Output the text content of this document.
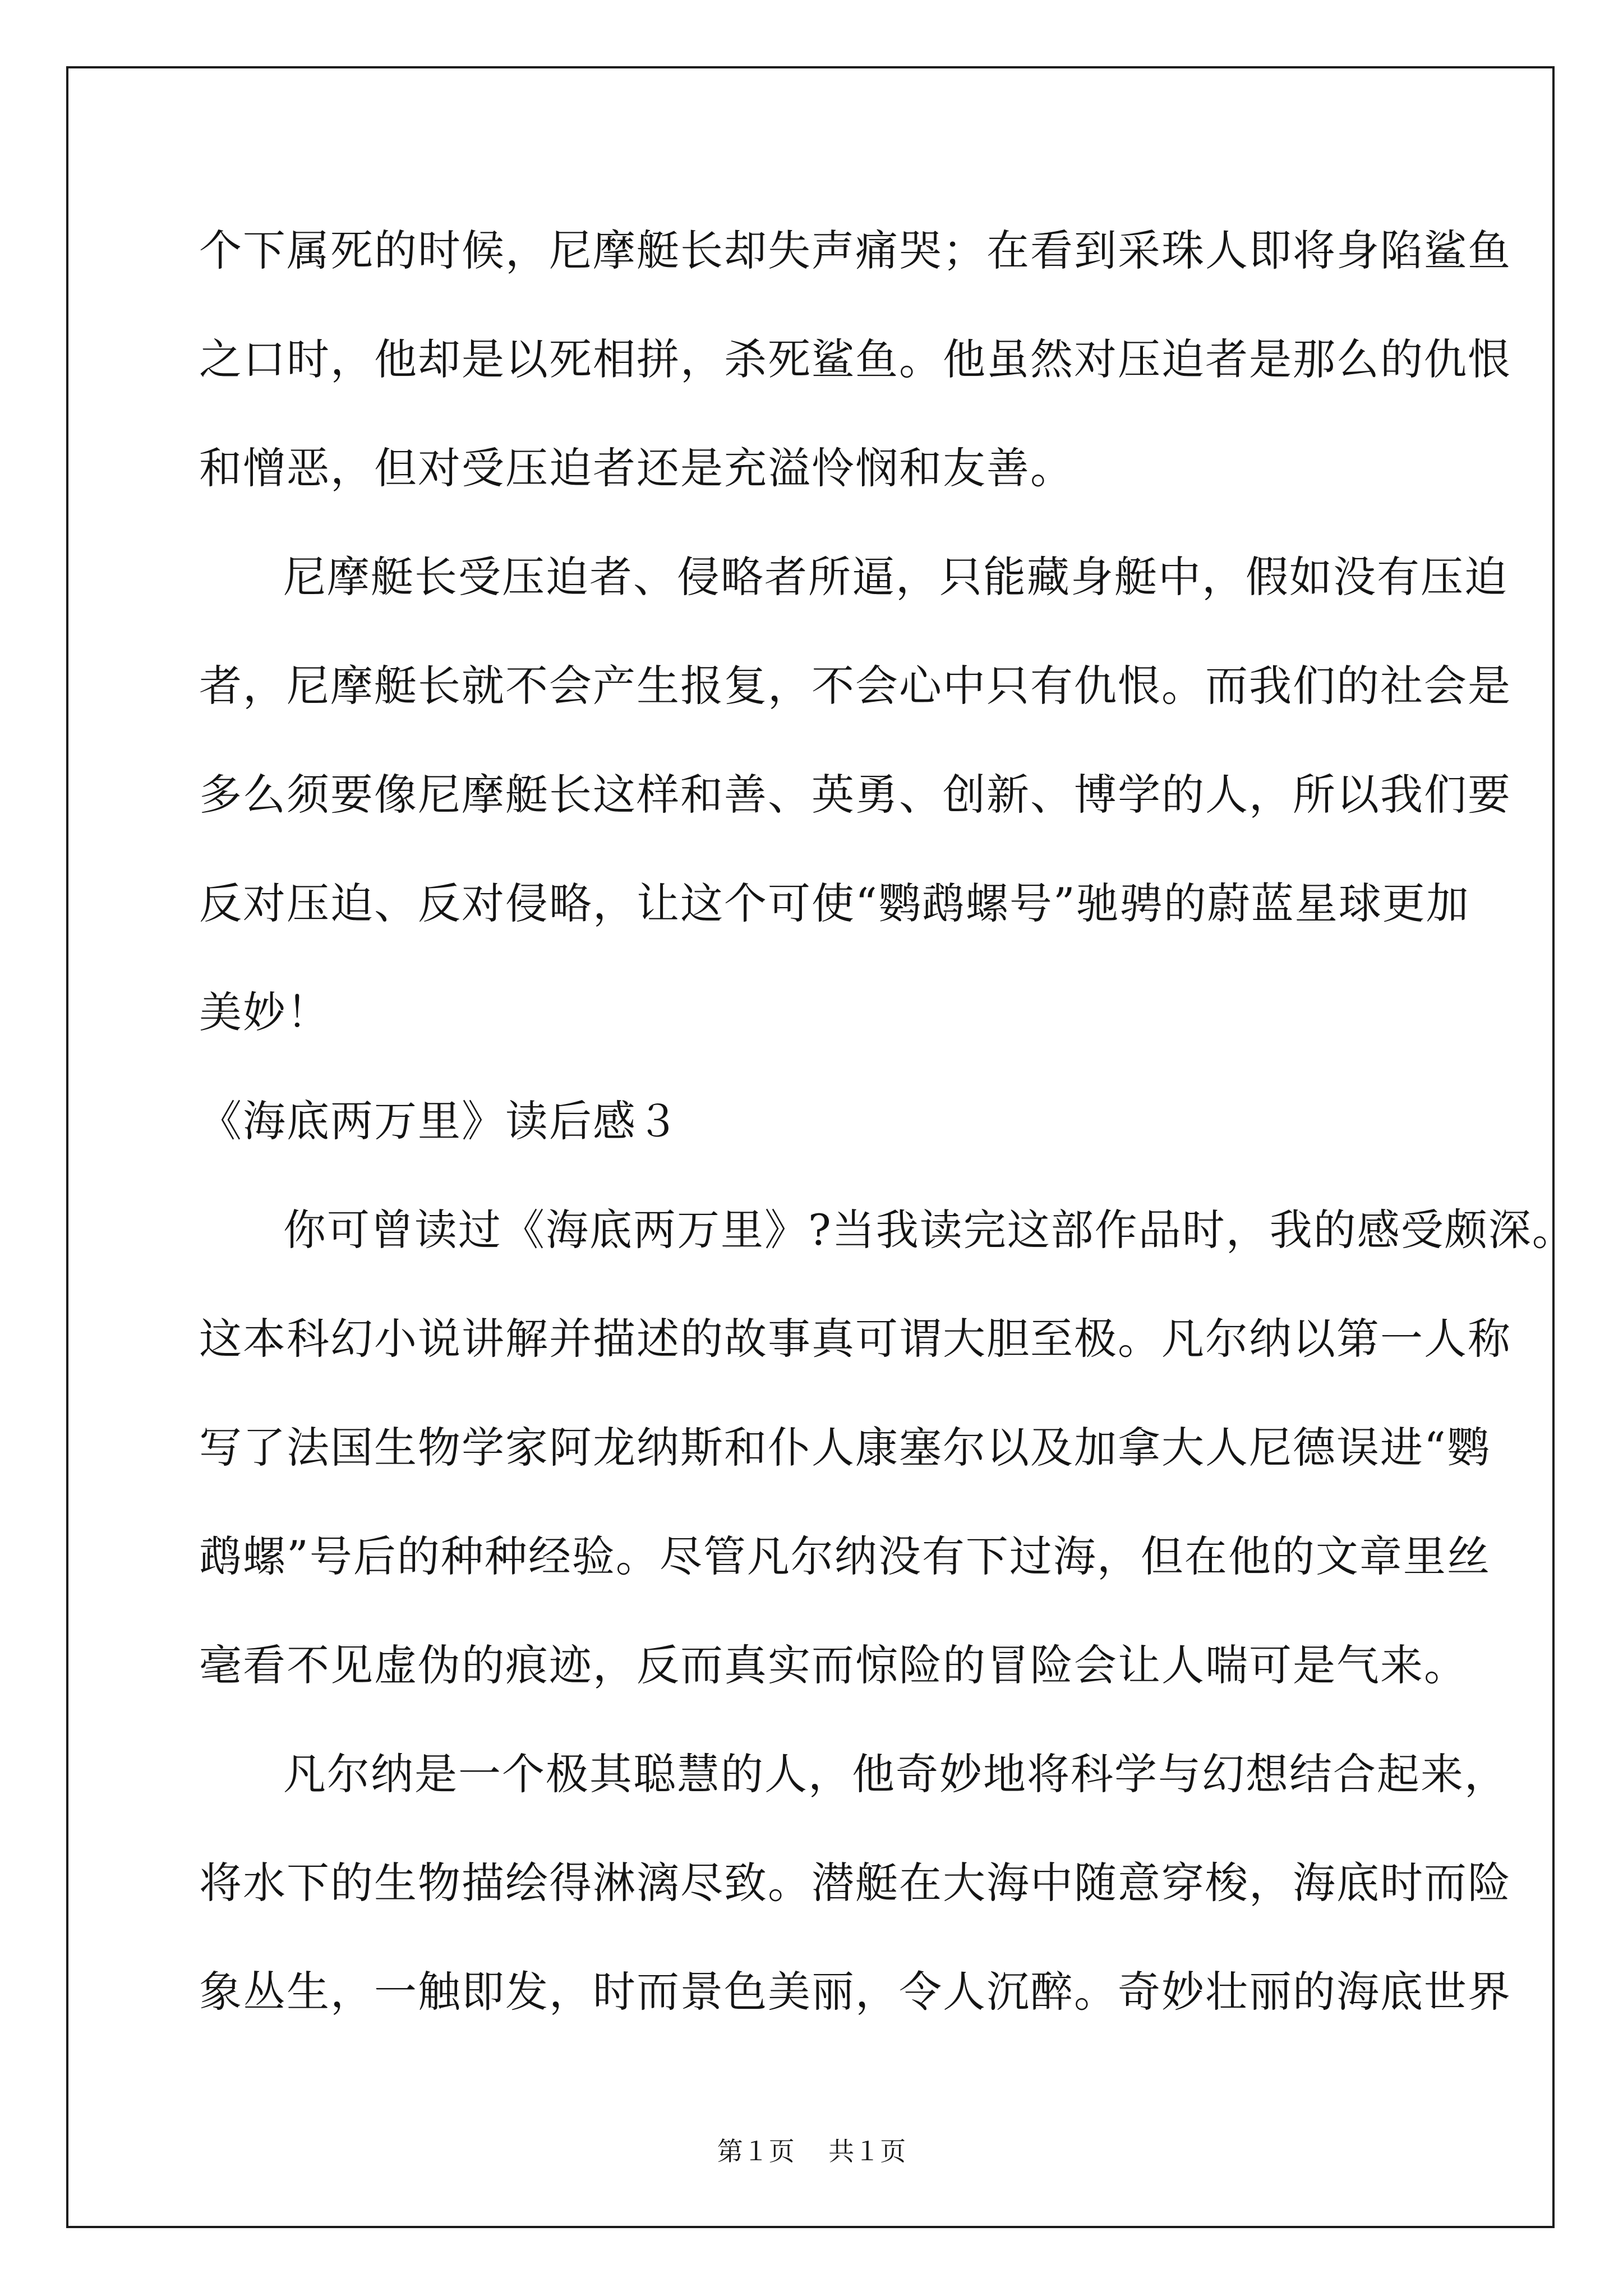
个下属死的时候，尼摩艇长却失声痛哭；在看到采珠人即将身陷鲨鱼
之口时，他却是以死相拼，杀死鲨鱼。他虽然对压迫者是那么的仇恨
和憎恶，但对受压迫者还是充溢怜悯和友善。
尼摩艇长受压迫者、侵略者所逼，只能藏身艇中，假如没有压迫
者，尼摩艇长就不会产生报复，不会心中只有仇恨。而我们的社会是
多么须要像尼摩艇长这样和善、英勇、创新、博学的人，所以我们要
反对压迫、反对侵略，让这个可使“鹦鹉螺号”驰骋的蔚蓝星球更加
美妙！
《海底两万里》读后感３
你可曾读过《海底两万里》?当我读完这部作品时，我的感受颇深。
这本科幻小说讲解并描述的故事真可谓大胆至极。凡尔纳以第一人称
写了法国生物学家阿龙纳斯和仆人康塞尔以及加拿大人尼德误进“鹦
鹉螺”号后的种种经验。尽管凡尔纳没有下过海，但在他的文章里丝
毫看不见虚伪的痕迹，反而真实而惊险的冒险会让人喘可是气来。
凡尔纳是一个极其聪慧的人，他奇妙地将科学与幻想结合起来，
将水下的生物描绘得淋漓尽致。潜艇在大海中随意穿梭，海底时而险
象丛生，一触即发，时而景色美丽，令人沉醉。奇妙壮丽的海底世界
第１页　 共１页
